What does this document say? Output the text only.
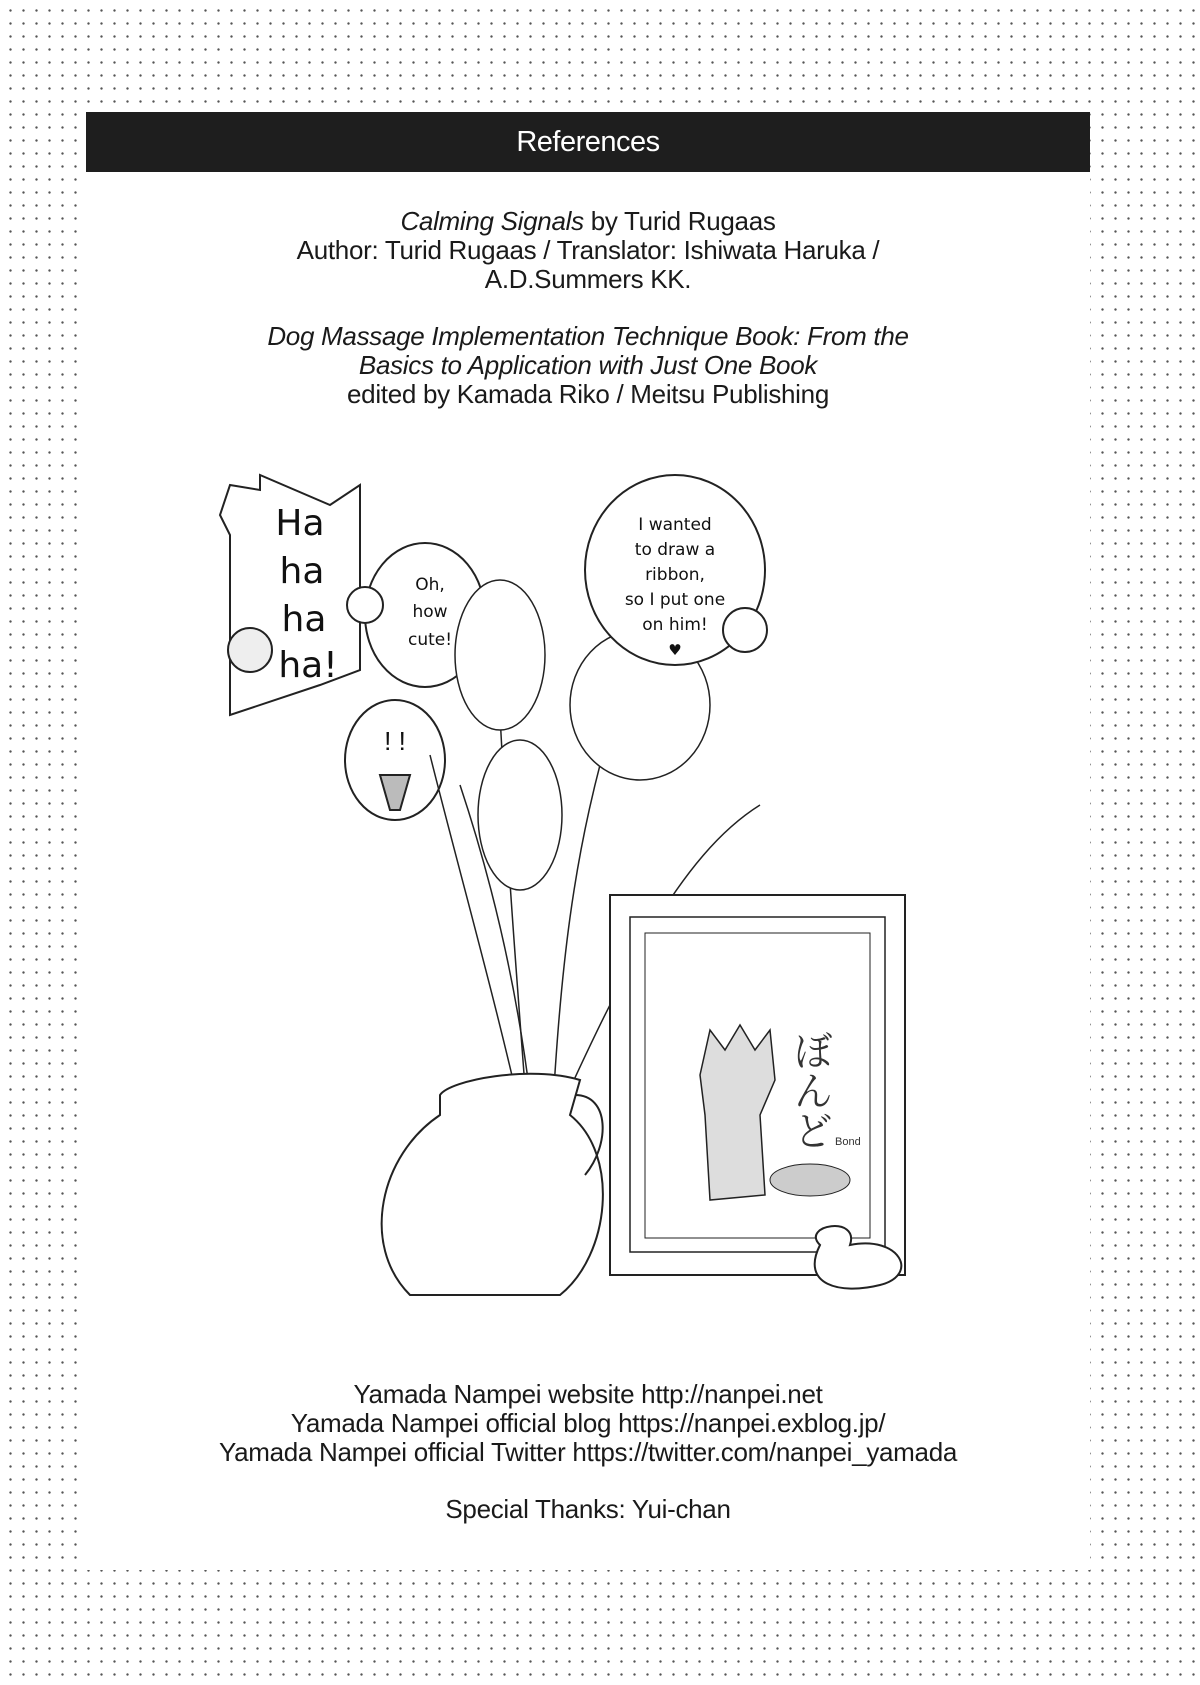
References
Calming Signals by Turid Rugaas
Author: Turid Rugaas / Translator: Ishiwata Haruka /
A.D.Summers KK.
Dog Massage Implementation Technique Book: From the
Basics to Application with Just One Book
edited by Kamada Riko / Meitsu Publishing
Ha
ha
ha
ha!
Oh,
how
cute!
! !
I wanted
to draw a
ribbon,
so I put one
on him!
♥
ぼんど Bond
Yamada Nampei website http://nanpei.net
Yamada Nampei official blog https://nanpei.exblog.jp/
Yamada Nampei official Twitter https://twitter.com/nanpei_yamada
Special Thanks: Yui-chan
